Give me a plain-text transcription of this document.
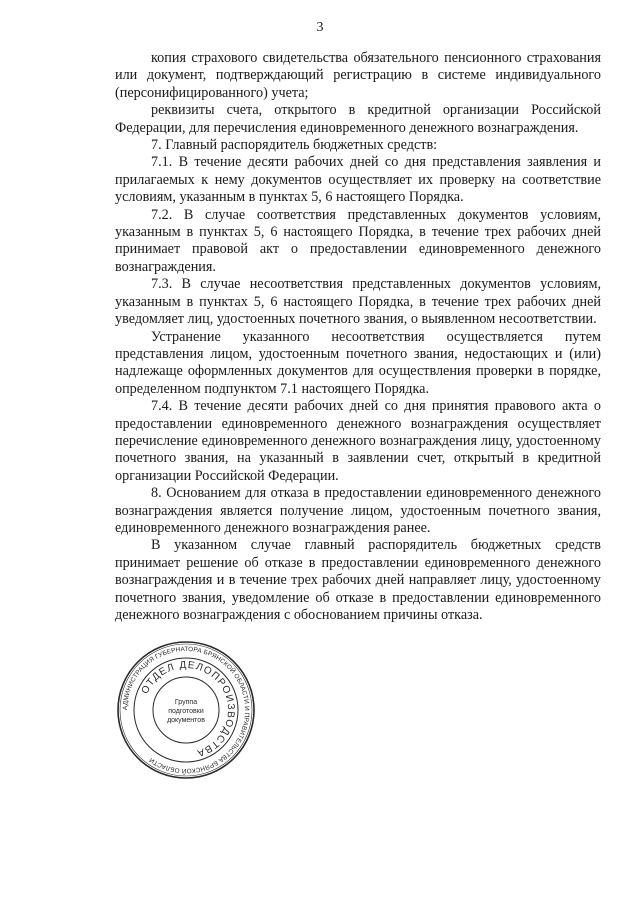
3

копия страхового свидетельства обязательного пенсионного страхования или документ, подтверждающий регистрацию в системе индивидуального (персонифицированного) учета;

реквизиты счета, открытого в кредитной организации Российской Федерации, для перечисления единовременного денежного вознаграждения.

7. Главный распорядитель бюджетных средств:

7.1. В течение десяти рабочих дней со дня представления заявления и прилагаемых к нему документов осуществляет их проверку на соответствие условиям, указанным в пунктах 5, 6 настоящего Порядка.

7.2. В случае соответствия представленных документов условиям, указанным в пунктах 5, 6 настоящего Порядка, в течение трех рабочих дней принимает правовой акт о предоставлении единовременного денежного вознаграждения.

7.3. В случае несоответствия представленных документов условиям, указанным в пунктах 5, 6 настоящего Порядка, в течение трех рабочих дней уведомляет лиц, удостоенных почетного звания, о выявленном несоответствии.

Устранение указанного несоответствия осуществляется путем представления лицом, удостоенным почетного звания, недостающих и (или) надлежаще оформленных документов для осуществления проверки в порядке, определенном подпунктом 7.1 настоящего Порядка.

7.4. В течение десяти рабочих дней со дня принятия правового акта о предоставлении единовременного денежного вознаграждения осуществляет перечисление единовременного денежного вознаграждения лицу, удостоенному почетного звания, на указанный в заявлении счет, открытый в кредитной организации Российской Федерации.

8. Основанием для отказа в предоставлении единовременного денежного вознаграждения является получение лицом, удостоенным почетного звания, единовременного денежного вознаграждения ранее.

В указанном случае главный распорядитель бюджетных средств принимает решение об отказе в предоставлении единовременного денежного вознаграждения и в течение трех рабочих дней направляет лицу, удостоенному почетного звания, уведомление об отказе в предоставлении единовременного денежного вознаграждения с обоснованием причины отказа.

АДМИНИСТРАЦИЯ ГУБЕРНАТОРА БРЯНСКОЙ ОБЛАСТИ И ПРАВИТЕЛЬСТВА БРЯНСКОЙ ОБЛАСТИ
ОТДЕЛ ДЕЛОПРОИЗВОДСТВА
Группа
подготовки
документов
